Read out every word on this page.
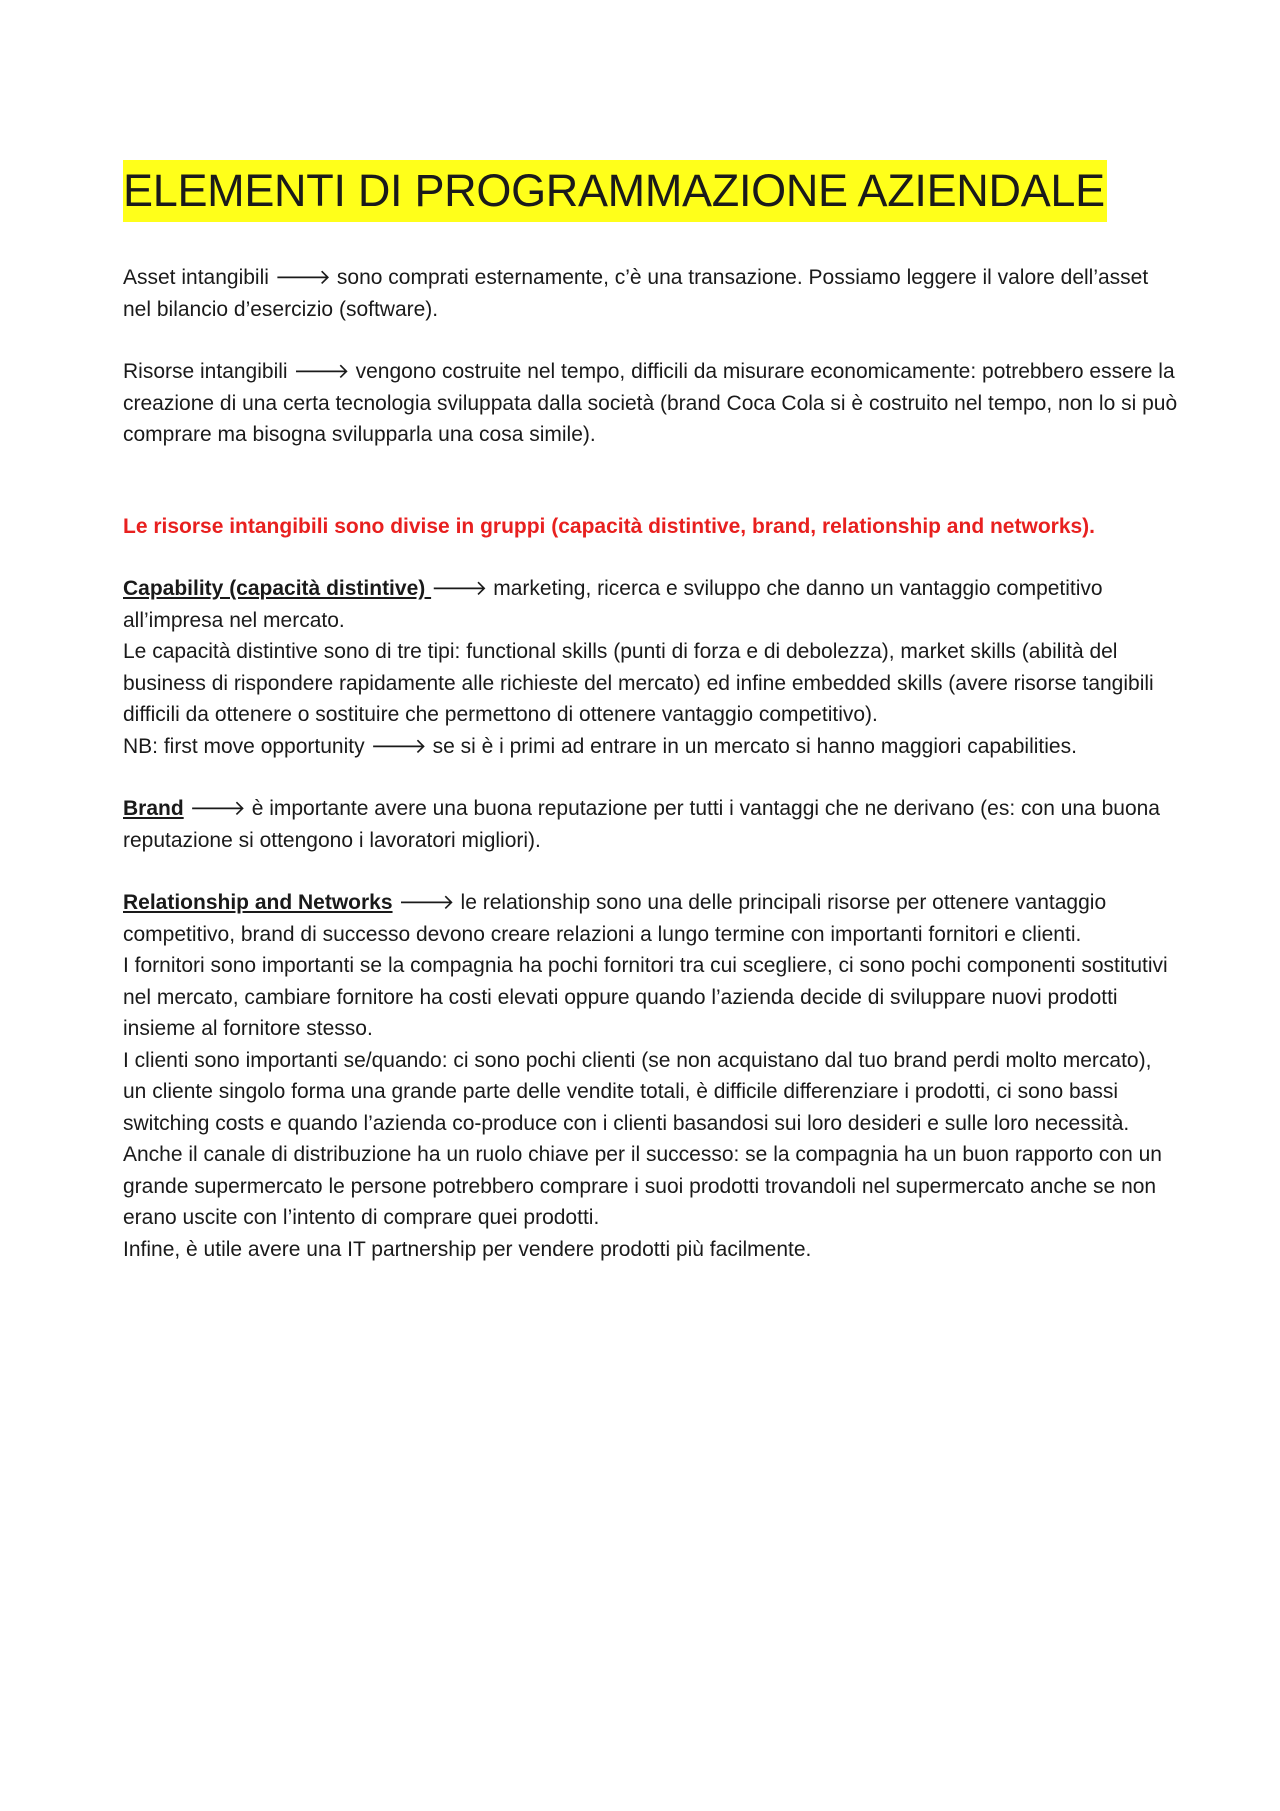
ELEMENTI DI PROGRAMMAZIONE AZIENDALE

Asset intangibili 🡒 sono comprati esternamente, c’è una transazione. Possiamo leggere il valore dell’asset nel bilancio d’esercizio (software).

Risorse intangibili 🡒 vengono costruite nel tempo, difficili da misurare economicamente: potrebbero essere la creazione di una certa tecnologia sviluppata dalla società (brand Coca Cola si è costruito nel tempo, non lo si può comprare ma bisogna svilupparla una cosa simile).

Le risorse intangibili sono divise in gruppi (capacità distintive, brand, relationship and networks).

Capability (capacità distintive) 🡒 marketing, ricerca e sviluppo che danno un vantaggio competitivo all’impresa nel mercato.

Le capacità distintive sono di tre tipi: functional skills (punti di forza e di debolezza), market skills (abilità del business di rispondere rapidamente alle richieste del mercato) ed infine embedded skills (avere risorse tangibili difficili da ottenere o sostituire che permettono di ottenere vantaggio competitivo).

NB: first move opportunity 🡒 se si è i primi ad entrare in un mercato si hanno maggiori capabilities.

Brand 🡒 è importante avere una buona reputazione per tutti i vantaggi che ne derivano (es: con una buona reputazione si ottengono i lavoratori migliori).

Relationship and Networks 🡒 le relationship sono una delle principali risorse per ottenere vantaggio competitivo, brand di successo devono creare relazioni a lungo termine con importanti fornitori e clienti.

I fornitori sono importanti se la compagnia ha pochi fornitori tra cui scegliere, ci sono pochi componenti sostitutivi nel mercato, cambiare fornitore ha costi elevati oppure quando l’azienda decide di sviluppare nuovi prodotti insieme al fornitore stesso.

I clienti sono importanti se/quando: ci sono pochi clienti (se non acquistano dal tuo brand perdi molto mercato), un cliente singolo forma una grande parte delle vendite totali, è difficile differenziare i prodotti, ci sono bassi switching costs e quando l’azienda co-produce con i clienti basandosi sui loro desideri e sulle loro necessità.

Anche il canale di distribuzione ha un ruolo chiave per il successo: se la compagnia ha un buon rapporto con un grande supermercato le persone potrebbero comprare i suoi prodotti trovandoli nel supermercato anche se non erano uscite con l’intento di comprare quei prodotti.

Infine, è utile avere una IT partnership per vendere prodotti più facilmente.
